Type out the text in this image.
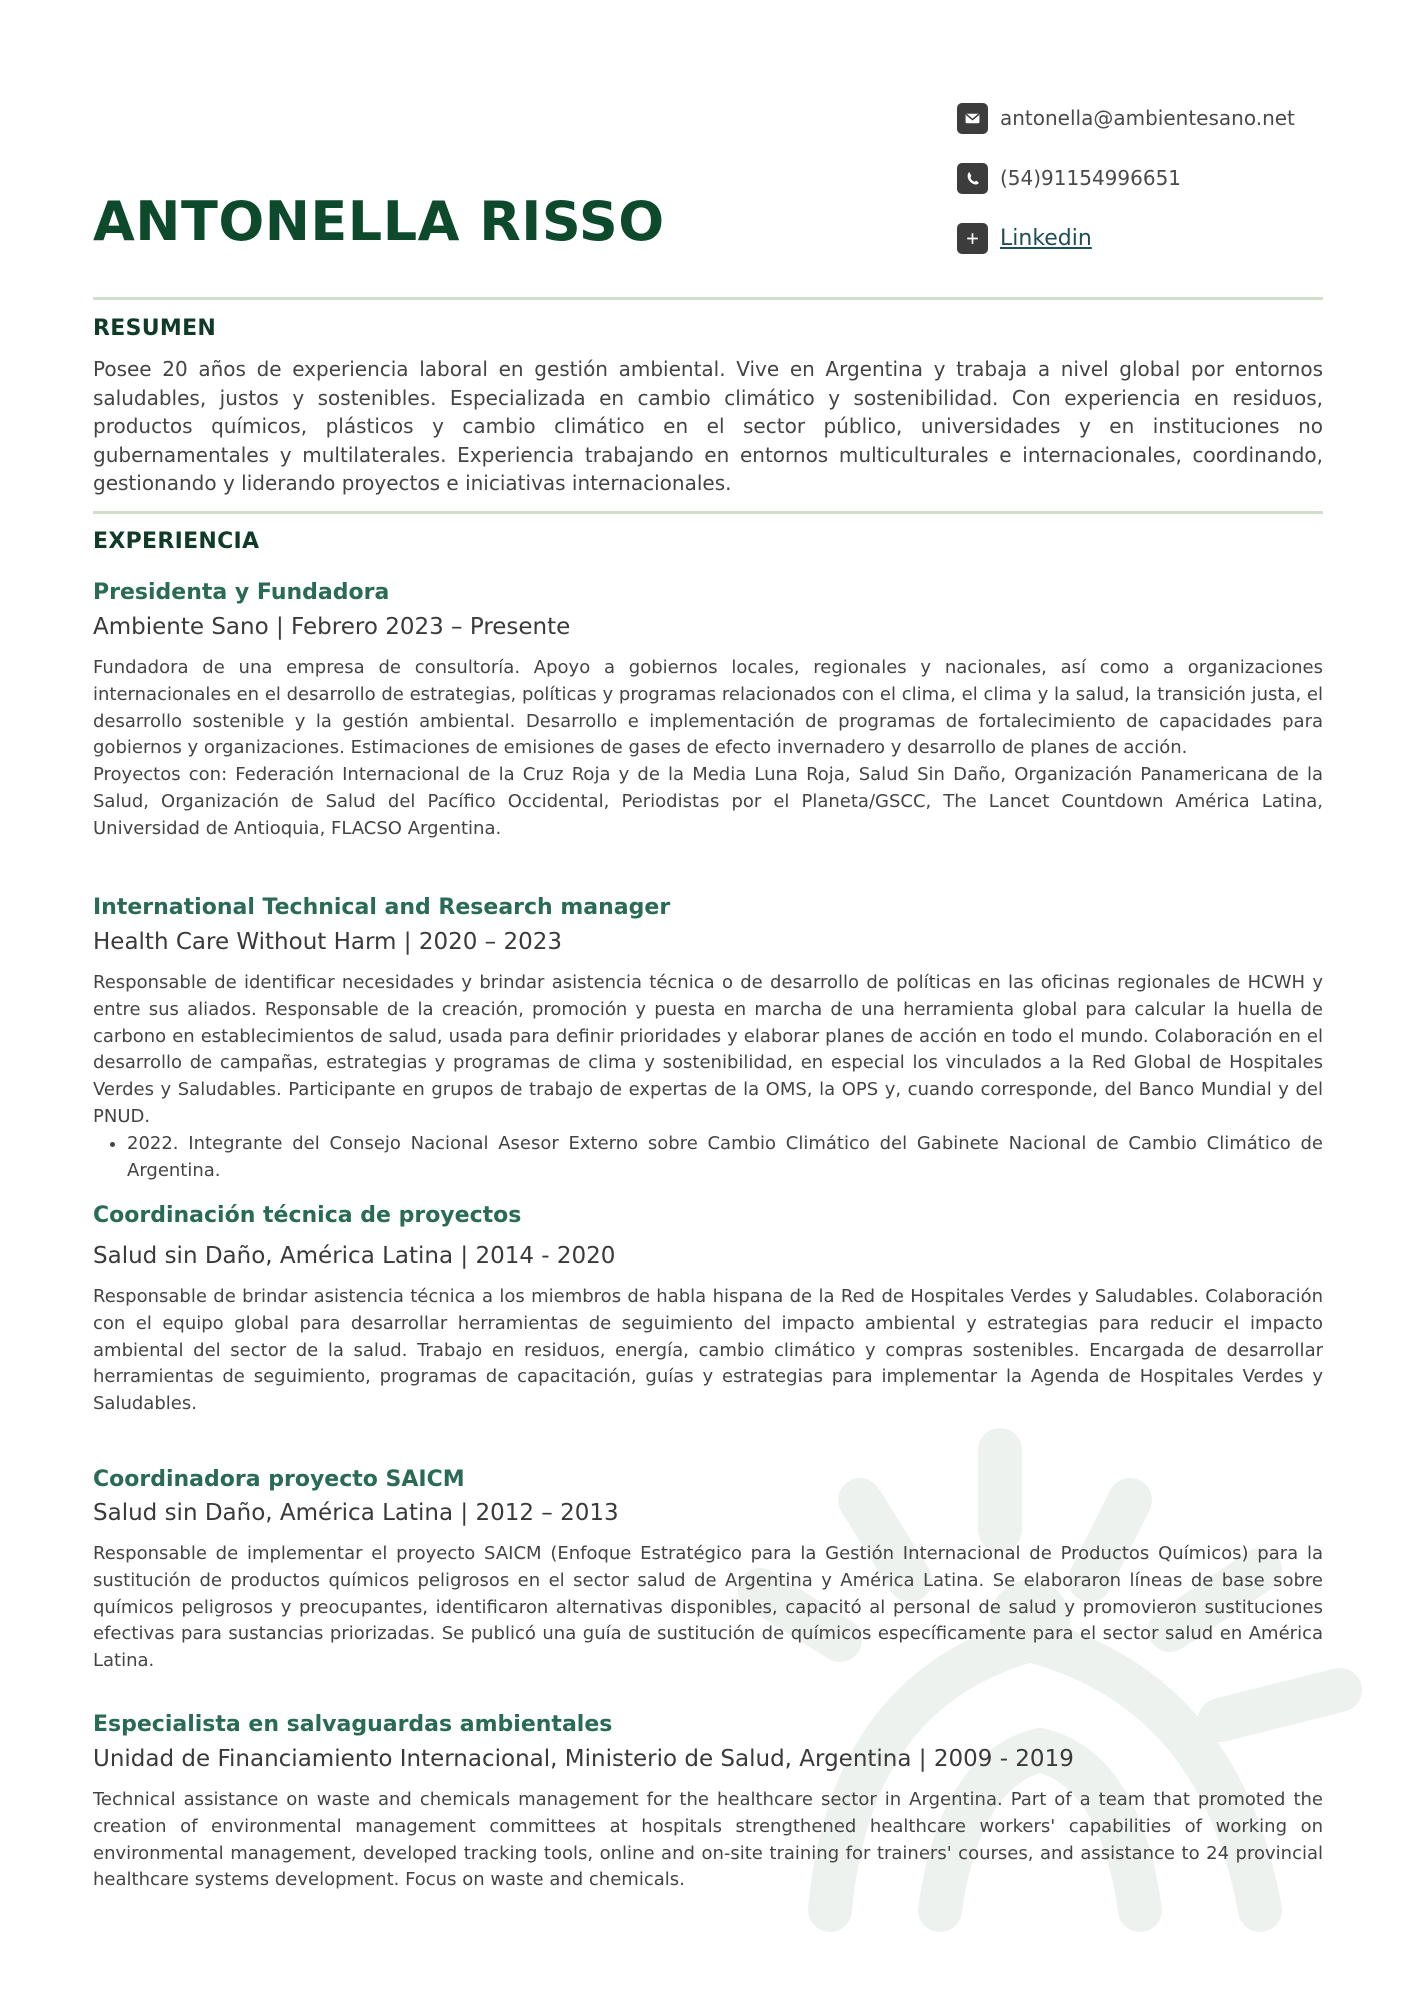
antonella@ambientesano.net
(54)91154996651
Linkedin
ANTONELLA RISSO
RESUMEN
Posee 20 años de experiencia laboral en gestión ambiental. Vive en Argentina y trabaja a nivel global por entornos saludables, justos y sostenibles. Especializada en cambio climático y sostenibilidad. Con experiencia en residuos, productos químicos, plásticos y cambio climático en el sector público, universidades y en instituciones no gubernamentales y multilaterales. Experiencia trabajando en entornos multiculturales e internacionales, coordinando, gestionando y liderando proyectos e iniciativas internacionales.
EXPERIENCIA
Presidenta y Fundadora
Ambiente Sano | Febrero 2023 – Presente

Fundadora de una empresa de consultoría. Apoyo a gobiernos locales, regionales y nacionales, así como a organizaciones internacionales en el desarrollo de estrategias, políticas y programas relacionados con el clima, el clima y la salud, la transición justa, el desarrollo sostenible y la gestión ambiental. Desarrollo e implementación de programas de fortalecimiento de capacidades para gobiernos y organizaciones. Estimaciones de emisiones de gases de efecto invernadero y desarrollo de planes de acción.

Proyectos con: Federación Internacional de la Cruz Roja y de la Media Luna Roja, Salud Sin Daño, Organización Panamericana de la Salud, Organización de Salud del Pacífico Occidental, Periodistas por el Planeta/GSCC, The Lancet Countdown América Latina, Universidad de Antioquia, FLACSO Argentina.

International Technical and Research manager
Health Care Without Harm | 2020 – 2023

Responsable de identificar necesidades y brindar asistencia técnica o de desarrollo de políticas en las oficinas regionales de HCWH y entre sus aliados. Responsable de la creación, promoción y puesta en marcha de una herramienta global para calcular la huella de carbono en establecimientos de salud, usada para definir prioridades y elaborar planes de acción en todo el mundo. Colaboración en el desarrollo de campañas, estrategias y programas de clima y sostenibilidad, en especial los vinculados a la Red Global de Hospitales Verdes y Saludables. Participante en grupos de trabajo de expertas de la OMS, la OPS y, cuando corresponde, del Banco Mundial y del PNUD.

• 2022. Integrante del Consejo Nacional Asesor Externo sobre Cambio Climático del Gabinete Nacional de Cambio Climático de Argentina.
Coordinación técnica de proyectos
Salud sin Daño, América Latina | 2014 - 2020

Responsable de brindar asistencia técnica a los miembros de habla hispana de la Red de Hospitales Verdes y Saludables. Colaboración con el equipo global para desarrollar herramientas de seguimiento del impacto ambiental y estrategias para reducir el impacto ambiental del sector de la salud. Trabajo en residuos, energía, cambio climático y compras sostenibles. Encargada de desarrollar herramientas de seguimiento, programas de capacitación, guías y estrategias para implementar la Agenda de Hospitales Verdes y Saludables.

Coordinadora proyecto SAICM
Salud sin Daño, América Latina | 2012 – 2013

Responsable de implementar el proyecto SAICM (Enfoque Estratégico para la Gestión Internacional de Productos Químicos) para la sustitución de productos químicos peligrosos en el sector salud de Argentina y América Latina. Se elaboraron líneas de base sobre químicos peligrosos y preocupantes, identificaron alternativas disponibles, capacitó al personal de salud y promovieron sustituciones efectivas para sustancias priorizadas. Se publicó una guía de sustitución de químicos específicamente para el sector salud en América Latina.

Especialista en salvaguardas ambientales
Unidad de Financiamiento Internacional, Ministerio de Salud, Argentina | 2009 - 2019

Technical assistance on waste and chemicals management for the healthcare sector in Argentina. Part of a team that promoted the creation of environmental management committees at hospitals strengthened healthcare workers' capabilities of working on environmental management, developed tracking tools, online and on-site training for trainers' courses, and assistance to 24 provincial healthcare systems development. Focus on waste and chemicals.
